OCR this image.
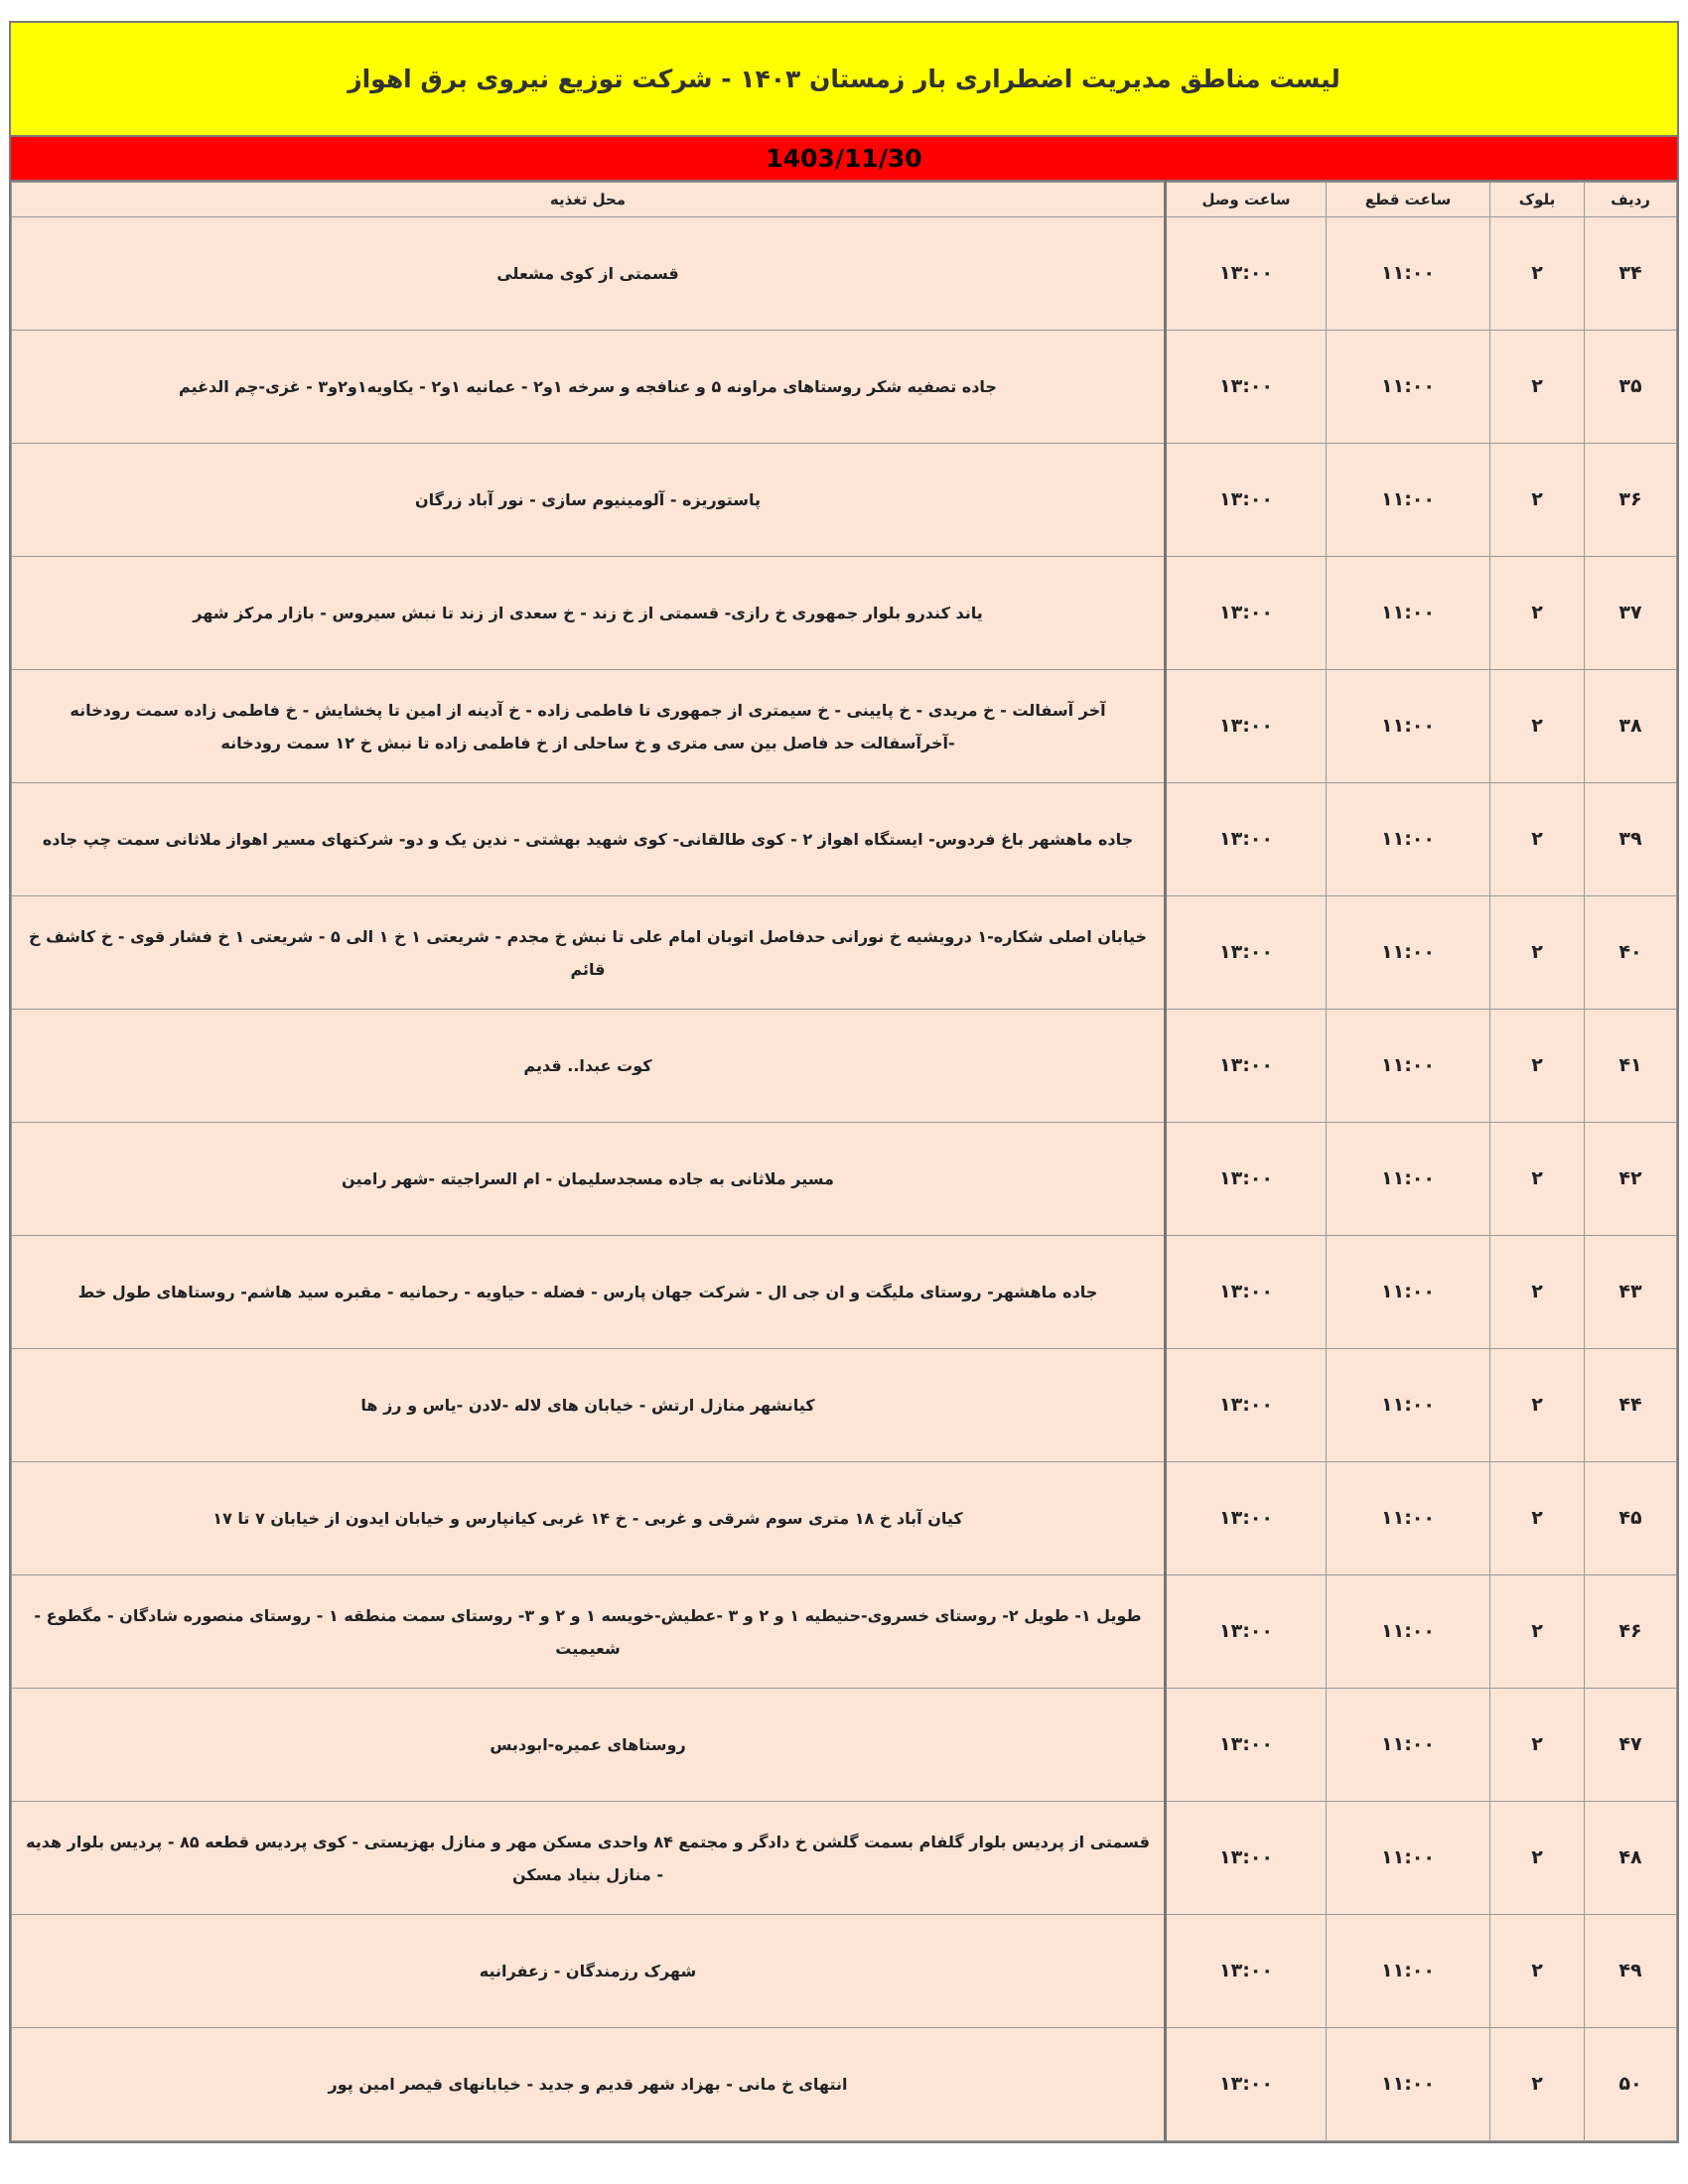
لیست مناطق مدیریت اضطراری بار زمستان ۱۴۰۳ - شرکت توزیع نیروی برق اهواز
1403/11/30
ردیف	بلوک	ساعت قطع	ساعت وصل	محل تغذیه
۳۴	۲	۱۱:۰۰	۱۳:۰۰	قسمتی از کوی مشعلی
۳۵	۲	۱۱:۰۰	۱۳:۰۰	جاده تصفیه شکر روستاهای مراونه ۵ و عنافجه و سرخه ۱و۲ - عمانیه ۱و۲ - یکاویه۱و۲و۳ - غزی-چم الدغیم
۳۶	۲	۱۱:۰۰	۱۳:۰۰	پاستوریزه - آلومینیوم سازی - نور آباد زرگان
۳۷	۲	۱۱:۰۰	۱۳:۰۰	یاند کندرو بلوار جمهوری خ رازی- قسمتی از خ زند - خ سعدی از زند تا نبش سیروس - بازار مرکز شهر
۳۸	۲	۱۱:۰۰	۱۳:۰۰	آخر آسفالت - خ مریدی - خ پایینی - خ سیمتری از جمهوری تا فاطمی زاده - خ آدینه از امین تا پخشایش - خ فاطمی زاده سمت رودخانه -آخرآسفالت حد فاصل بین سی متری و خ ساحلی از خ فاطمی زاده تا نبش خ ۱۲ سمت رودخانه
۳۹	۲	۱۱:۰۰	۱۳:۰۰	جاده ماهشهر باغ فردوس- ایستگاه اهواز ۲ - کوی طالقانی- کوی شهید بهشتی - ندین یک و دو- شرکتهای مسیر اهواز ملاثانی سمت چپ جاده
۴۰	۲	۱۱:۰۰	۱۳:۰۰	خیابان اصلی شکاره-۱ درویشیه خ نورانی حدفاصل اتوبان امام علی تا نبش خ مجدم - شریعتی ۱ خ ۱ الی ۵ - شریعتی ۱ خ فشار قوی - خ کاشف خ قائم
۴۱	۲	۱۱:۰۰	۱۳:۰۰	کوت عبدا.. قدیم
۴۲	۲	۱۱:۰۰	۱۳:۰۰	مسیر ملاثانی به جاده مسجدسلیمان - ام السراجیته -شهر رامین
۴۳	۲	۱۱:۰۰	۱۳:۰۰	جاده ماهشهر- روستای ملیگت و ان جی ال - شرکت جهان پارس - فضله - حیاویه - رحمانیه - مقبره سید هاشم- روستاهای طول خط
۴۴	۲	۱۱:۰۰	۱۳:۰۰	کیانشهر منازل ارتش - خیابان های لاله -لادن -یاس و رز ها
۴۵	۲	۱۱:۰۰	۱۳:۰۰	کیان آباد خ ۱۸ متری سوم شرقی و غربی - خ ۱۴ غربی کیانپارس و خیابان ایدون از خیابان ۷ تا ۱۷
۴۶	۲	۱۱:۰۰	۱۳:۰۰	طویل ۱- طویل ۲- روستای خسروی-حنیطیه ۱ و ۲ و ۳ -عطیش-خویسه ۱ و ۲ و ۳- روستای سمت منطقه ۱ - روستای منصوره شادگان - مگطوع - شعیمیت
۴۷	۲	۱۱:۰۰	۱۳:۰۰	روستاهای عمیره-ابودبس
۴۸	۲	۱۱:۰۰	۱۳:۰۰	قسمتی از پردیس بلوار گلفام بسمت گلشن خ دادگر و مجتمع ۸۴ واحدی مسکن مهر و منازل بهزیستی - کوی پردیس قطعه ۸۵ - پردیس بلوار هدیه - منازل بنیاد مسکن
۴۹	۲	۱۱:۰۰	۱۳:۰۰	شهرک رزمندگان - زعفرانیه
۵۰	۲	۱۱:۰۰	۱۳:۰۰	انتهای خ مانی - بهزاد شهر قدیم و جدید - خیابانهای قیصر امین پور
